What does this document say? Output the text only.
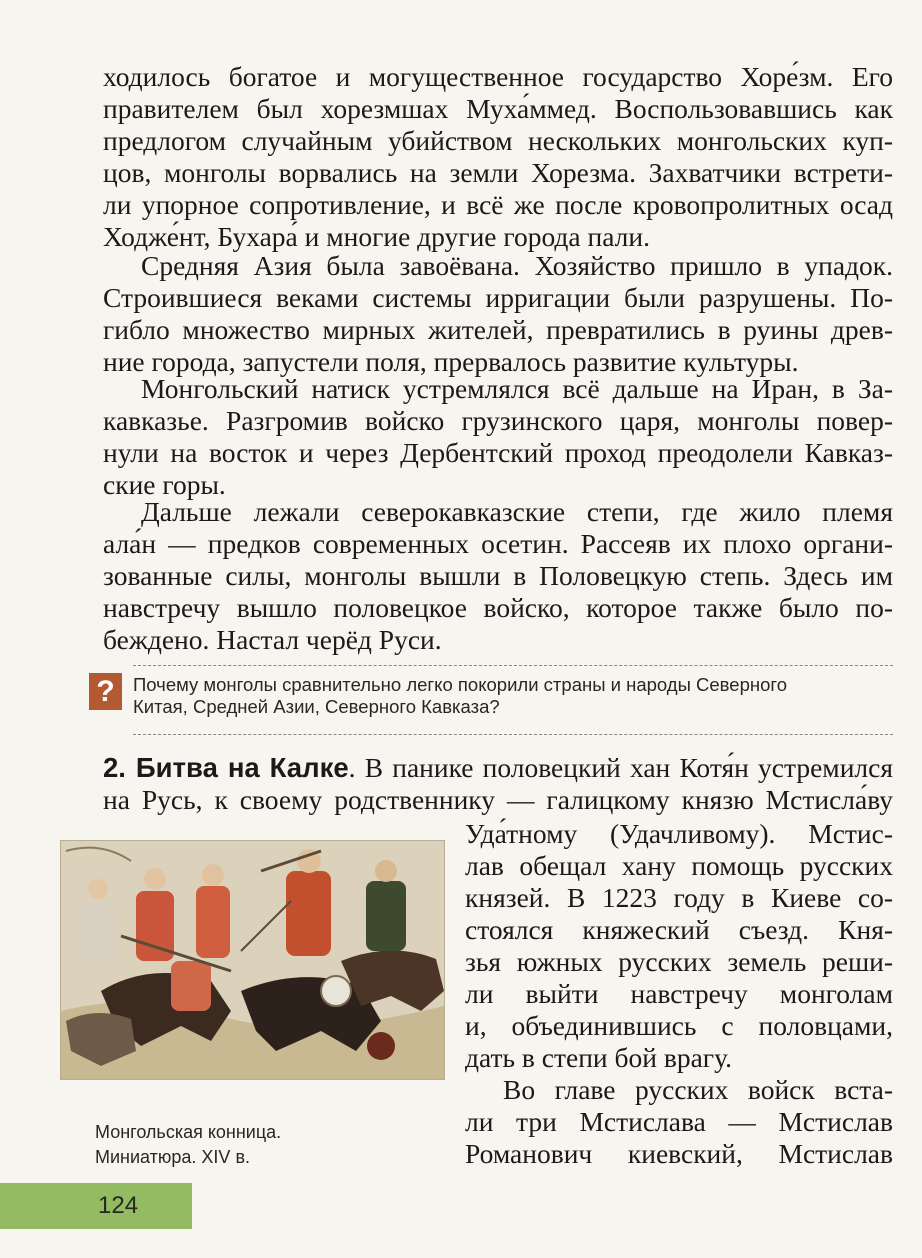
ходилось богатое и могущественное государство Хоре́зм. Его
правителем был хорезмшах Муха́ммед. Воспользовавшись как
предлогом случайным убийством нескольких монгольских куп-
цов, монголы ворвались на земли Хорезма. Захватчики встрети-
ли упорное сопротивление, и всё же после кровопролитных осад
Ходже́нт, Бухара́ и многие другие города пали.
Средняя Азия была завоёвана. Хозяйство пришло в упадок.
Строившиеся веками системы ирригации были разрушены. По-
гибло множество мирных жителей, превратились в руины древ-
ние города, запустели поля, прервалось развитие культуры.
Монгольский натиск устремлялся всё дальше на Иран, в За-
кавказье. Разгромив войско грузинского царя, монголы повер-
нули на восток и через Дербентский проход преодолели Кавказ-
ские горы.
Дальше лежали северокавказские степи, где жило племя
ала́н — предков современных осетин. Рассеяв их плохо органи-
зованные силы, монголы вышли в Половецкую степь. Здесь им
навстречу вышло половецкое войско, которое также было по-
беждено. Настал черёд Руси.
? Почему монголы сравнительно легко покорили страны и народы Северного
Китая, Средней Азии, Северного Кавказа?
2. Битва на Калке. В панике половецкий хан Котя́н устремился
на Русь, к своему родственнику — галицкому князю Мстисла́ву
Уда́тному (Удачливому). Мстис-
лав обещал хану помощь русских
князей. В 1223 году в Киеве со-
стоялся княжеский съезд. Кня-
зья южных русских земель реши-
ли выйти навстречу монголам
и, объединившись с половцами,
дать в степи бой врагу.
Во главе русских войск вста-
ли три Мстислава — Мстислав
Романович киевский, Мстислав
Монгольская конница.
Миниатюра. XIV в.
124
